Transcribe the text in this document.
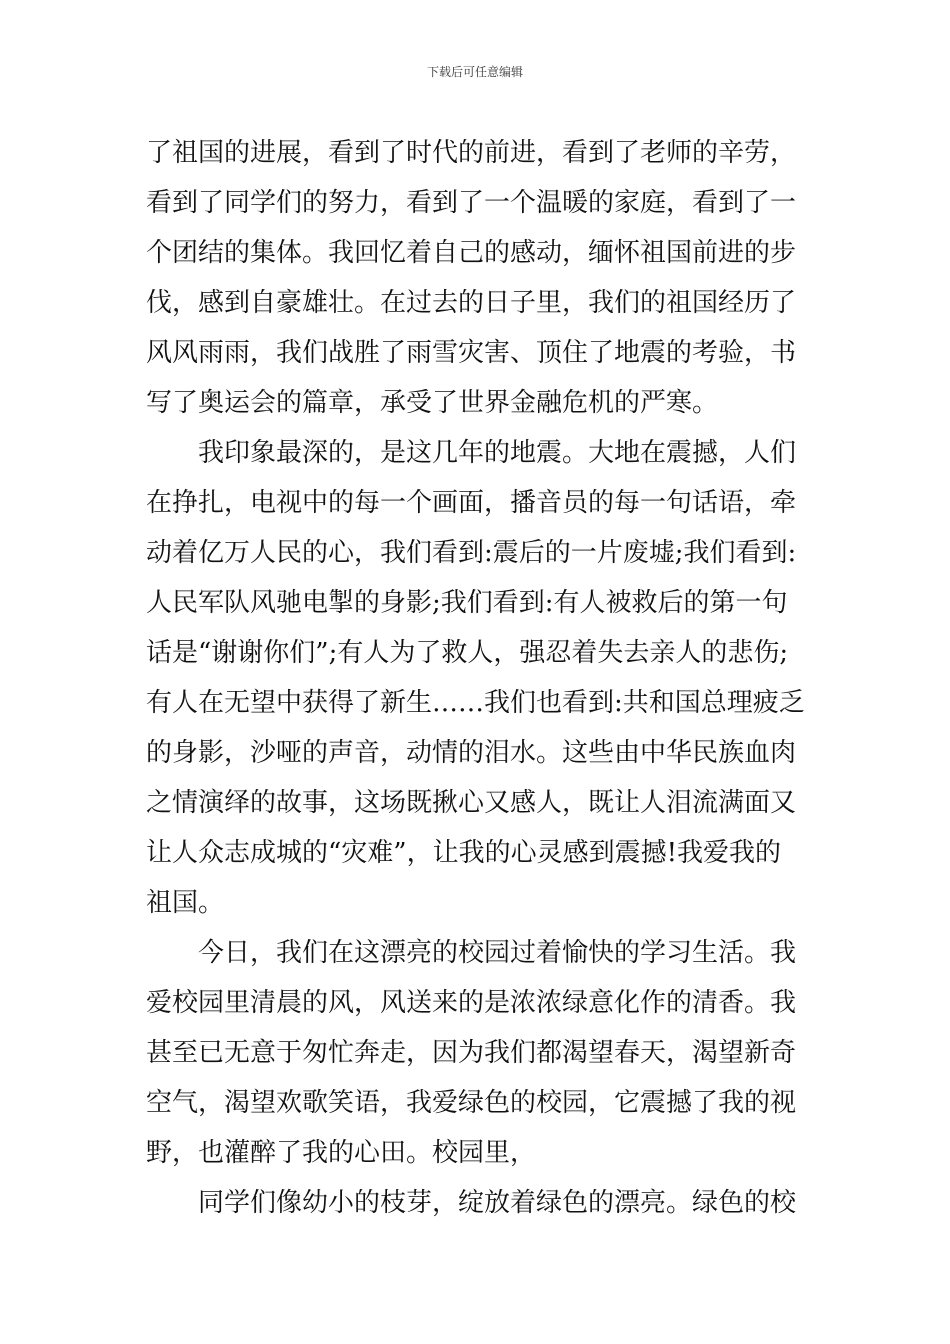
下载后可任意编辑
了祖国的进展，看到了时代的前进，看到了老师的辛劳，
看到了同学们的努力，看到了一个温暖的家庭，看到了一
个团结的集体。我回忆着自己的感动，缅怀祖国前进的步
伐，感到自豪雄壮。在过去的日子里，我们的祖国经历了
风风雨雨，我们战胜了雨雪灾害、顶住了地震的考验，书
写了奥运会的篇章，承受了世界金融危机的严寒。
我印象最深的，是这几年的地震。大地在震撼，人们
在挣扎，电视中的每一个画面，播音员的每一句话语，牵
动着亿万人民的心，我们看到:震后的一片废墟;我们看到:
人民军队风驰电掣的身影;我们看到:有人被救后的第一句
话是“谢谢你们”;有人为了救人，强忍着失去亲人的悲伤;
有人在无望中获得了新生……我们也看到:共和国总理疲乏
的身影，沙哑的声音，动情的泪水。这些由中华民族血肉
之情演绎的故事，这场既揪心又感人，既让人泪流满面又
让人众志成城的“灾难”，让我的心灵感到震撼!我爱我的
祖国。
今日，我们在这漂亮的校园过着愉快的学习生活。我
爱校园里清晨的风，风送来的是浓浓绿意化作的清香。我
甚至已无意于匆忙奔走，因为我们都渴望春天，渴望新奇
空气，渴望欢歌笑语，我爱绿色的校园，它震撼了我的视
野，也灌醉了我的心田。校园里，
同学们像幼小的枝芽，绽放着绿色的漂亮。绿色的校
